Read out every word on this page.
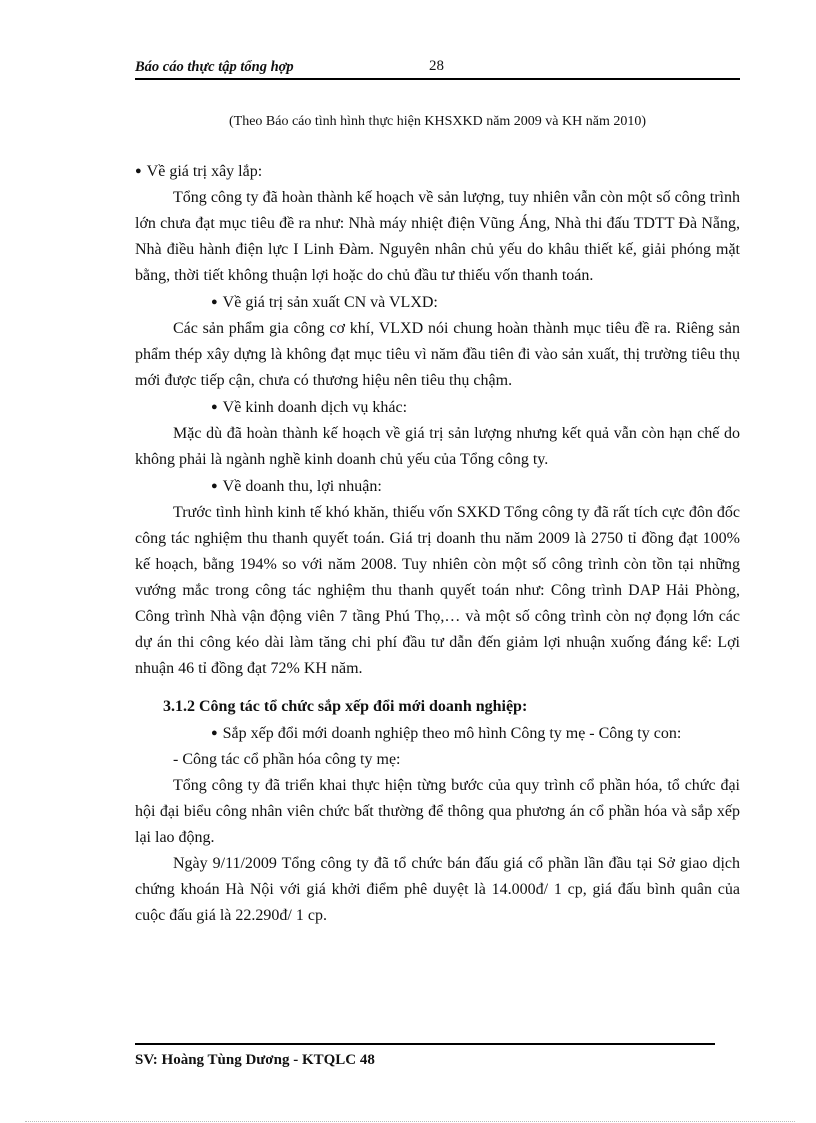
Báo cáo thực tập tổng hợp	28
(Theo Báo cáo tình hình thực hiện KHSXKD năm 2009 và KH năm 2010)

● Về giá trị xây lắp:

Tổng công ty đã hoàn thành kế hoạch về sản lượng, tuy nhiên vẫn còn một số công trình lớn chưa đạt mục tiêu đề ra như: Nhà máy nhiệt điện Vũng Áng, Nhà thi đấu TDTT Đà Nẵng, Nhà điều hành điện lực I Linh Đàm. Nguyên nhân chủ yếu do khâu thiết kế, giải phóng mặt bằng, thời tiết không thuận lợi hoặc do chủ đầu tư thiếu vốn thanh toán.

● Về giá trị sản xuất CN và VLXD:

Các sản phẩm gia công cơ khí, VLXD nói chung hoàn thành mục tiêu đề ra. Riêng sản phẩm thép xây dựng là không đạt mục tiêu vì năm đầu tiên đi vào sản xuất, thị trường tiêu thụ mới được tiếp cận, chưa có thương hiệu nên tiêu thụ chậm.

● Về kinh doanh dịch vụ khác:

Mặc dù đã hoàn thành kế hoạch về giá trị sản lượng nhưng kết quả vẫn còn hạn chế do không phải là ngành nghề kinh doanh chủ yếu của Tổng công ty.

● Về doanh thu, lợi nhuận:

Trước tình hình kinh tế khó khăn, thiếu vốn SXKD Tổng công ty đã rất tích cực đôn đốc công tác nghiệm thu thanh quyết toán. Giá trị doanh thu năm 2009 là 2750 tỉ đồng đạt 100% kế hoạch, bằng 194% so với năm 2008. Tuy nhiên còn một số công trình còn tồn tại những vướng mắc trong công tác nghiệm thu thanh quyết toán như: Công trình DAP Hải Phòng, Công trình Nhà vận động viên 7 tầng Phú Thọ,… và một số công trình còn nợ đọng lớn các dự án thi công kéo dài làm tăng chi phí đầu tư dẫn đến giảm lợi nhuận xuống đáng kể: Lợi nhuận 46 tỉ đồng đạt 72% KH năm.

3.1.2 Công tác tổ chức sắp xếp đổi mới doanh nghiệp:

● Sắp xếp đổi mới doanh nghiệp theo mô hình Công ty mẹ - Công ty con:

- Công tác cổ phần hóa công ty mẹ:

Tổng công ty đã triển khai thực hiện từng bước của quy trình cổ phần hóa, tổ chức đại hội đại biểu công nhân viên chức bất thường để thông qua phương án cổ phần hóa và sắp xếp lại lao động.

Ngày 9/11/2009 Tổng công ty đã tổ chức bán đấu giá cổ phần lần đầu tại Sở giao dịch chứng khoán Hà Nội với giá khởi điểm phê duyệt là 14.000đ/ 1 cp, giá đấu bình quân của cuộc đấu giá là 22.290đ/ 1 cp.

SV: Hoàng Tùng Dương - KTQLC 48
